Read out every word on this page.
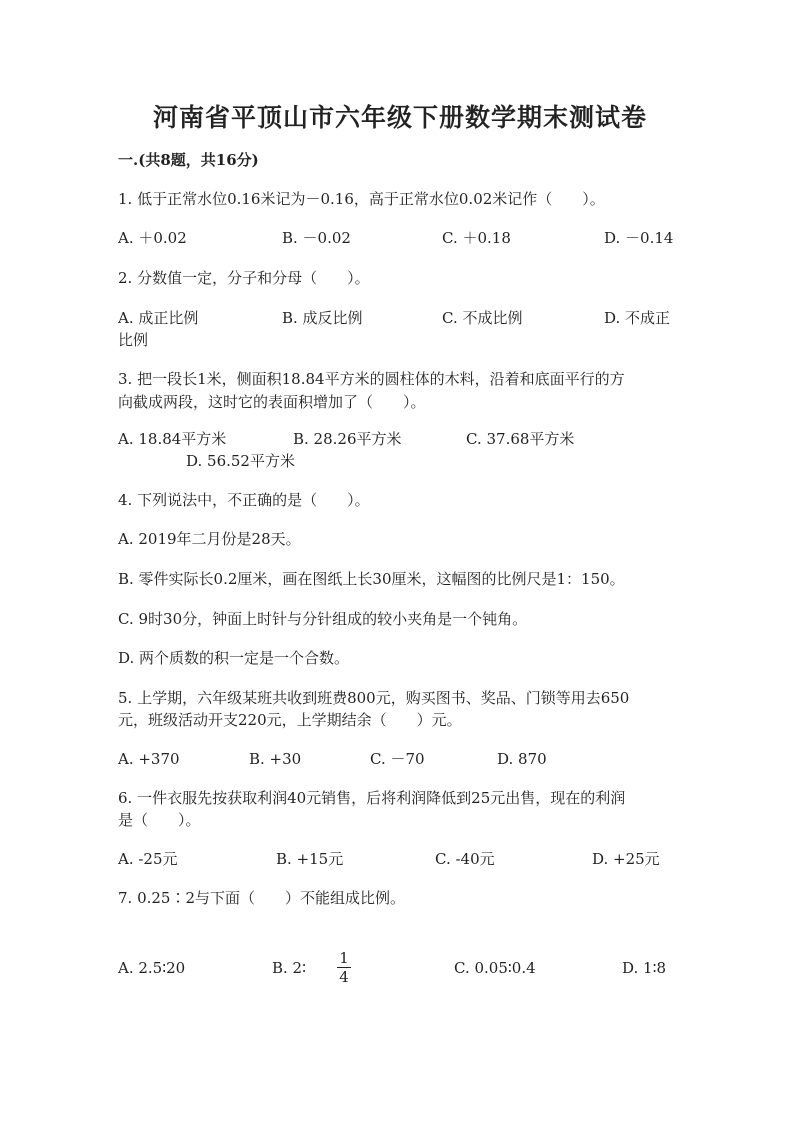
河南省平顶山市六年级下册数学期末测试卷
一.(共8题，共16分)
1. 低于正常水位0.16米记为－0.16，高于正常水位0.02米记作（　　）。
A. ＋0.02	B. －0.02	C. ＋0.18	D. －0.14
2. 分数值一定，分子和分母（　　）。
A. 成正比例	B. 成反比例	C. 不成比例	D. 不成正
比例
3. 把一段长1米，侧面积18.84平方米的圆柱体的木料，沿着和底面平行的方
向截成两段，这时它的表面积增加了（　　）。
A. 18.84平方米	B. 28.26平方米	C. 37.68平方米
D. 56.52平方米
4. 下列说法中，不正确的是（　　）。
A. 2019年二月份是28天。
B. 零件实际长0.2厘米，画在图纸上长30厘米，这幅图的比例尺是1：150。
C. 9时30分，钟面上时针与分针组成的较小夹角是一个钝角。
D. 两个质数的积一定是一个合数。
5. 上学期，六年级某班共收到班费800元，购买图书、奖品、门锁等用去650
元，班级活动开支220元，上学期结余（　　）元。
A. +370	B. +30	C. －70	D. 870
6. 一件衣服先按获取利润40元销售，后将利润降低到25元出售，现在的利润
是（　　）。
A. -25元	B. +15元	C. -40元	D. +25元
7. 0.25∶2与下面（　　）不能组成比例。
A. 2.5∶20	B. 2∶
1
4	C. 0.05∶0.4	D. 1∶8
